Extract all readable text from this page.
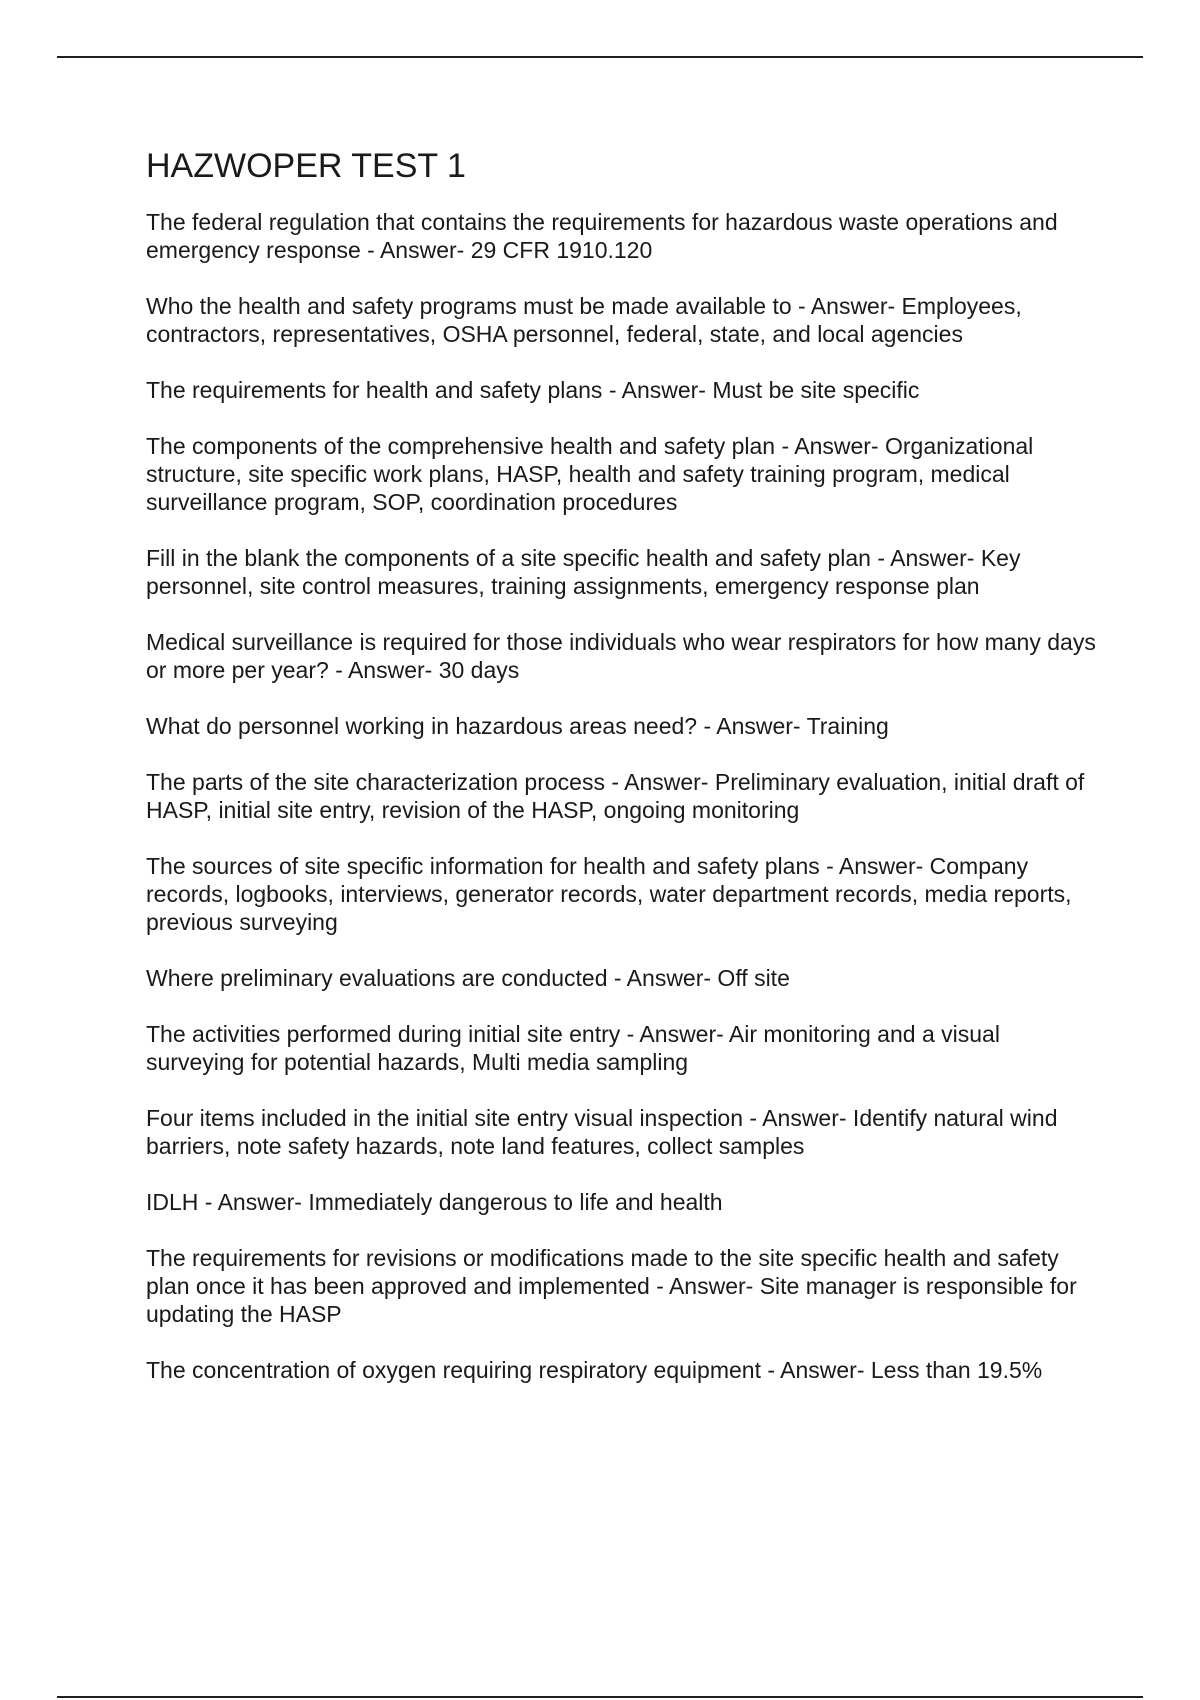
HAZWOPER TEST 1
The federal regulation that contains the requirements for hazardous waste operations and emergency response - Answer- 29 CFR 1910.120
Who the health and safety programs must be made available to - Answer- Employees, contractors, representatives, OSHA personnel, federal, state, and local agencies
The requirements for health and safety plans - Answer- Must be site specific
The components of the comprehensive health and safety plan - Answer- Organizational structure, site specific work plans, HASP, health and safety training program, medical surveillance program, SOP, coordination procedures
Fill in the blank the components of a site specific health and safety plan - Answer- Key personnel, site control measures, training assignments, emergency response plan
Medical surveillance is required for those individuals who wear respirators for how many days or more per year? - Answer- 30 days
What do personnel working in hazardous areas need? - Answer- Training
The parts of the site characterization process - Answer- Preliminary evaluation, initial draft of HASP, initial site entry, revision of the HASP, ongoing monitoring
The sources of site specific information for health and safety plans - Answer- Company records, logbooks, interviews, generator records, water department records, media reports, previous surveying
Where preliminary evaluations are conducted - Answer- Off site
The activities performed during initial site entry - Answer- Air monitoring and a visual surveying for potential hazards, Multi media sampling
Four items included in the initial site entry visual inspection - Answer- Identify natural wind barriers, note safety hazards, note land features, collect samples
IDLH - Answer- Immediately dangerous to life and health
The requirements for revisions or modifications made to the site specific health and safety plan once it has been approved and implemented - Answer- Site manager is responsible for updating the HASP
The concentration of oxygen requiring respiratory equipment - Answer- Less than 19.5%
